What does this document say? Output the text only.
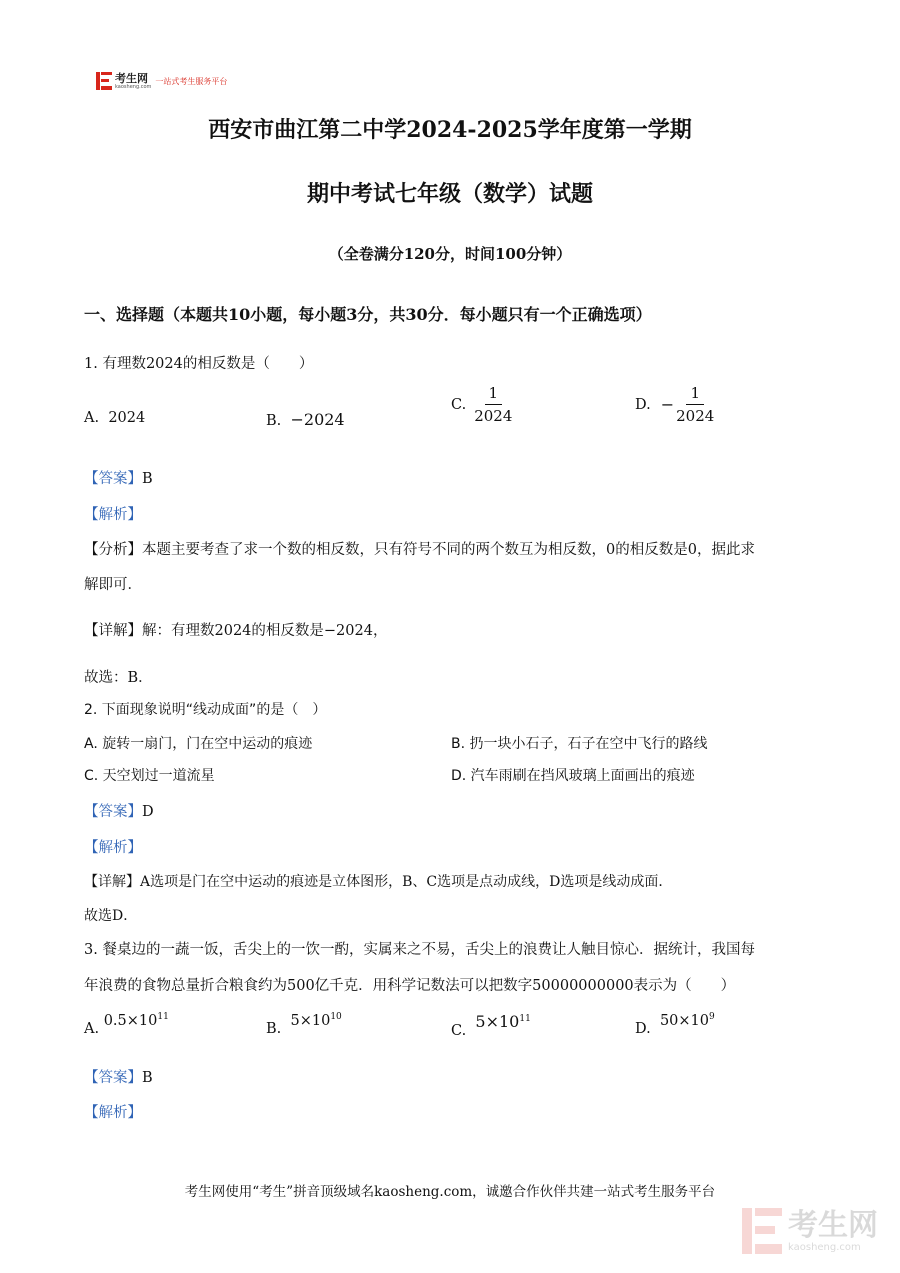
考生网
kaosheng.com
一站式考生服务平台
西安市曲江第二中学2024-2025学年度第一学期
期中考试七年级（数学）试题
（全卷满分120分，时间100分钟）
一、选择题（本题共10小题，每小题3分，共30分．每小题只有一个正确选项）
1. 有理数2024的相反数是（　　）
A. 2024	B. −2024
C. $\frac{1}{2024}$	D. − $\frac{1}{2024}$
【答案】B
【解析】
【分析】本题主要考查了求一个数的相反数，只有符号不同的两个数互为相反数，0的相反数是0，据此求
解即可．
【详解】解：有理数2024的相反数是−2024，
故选：B．
2. 下面现象说明“线动成面”的是（　）
A. 旋转一扇门，门在空中运动的痕迹	B. 扔一块小石子，石子在空中飞行的路线
C. 天空划过一道流星	D. 汽车雨刷在挡风玻璃上面画出的痕迹
【答案】D
【解析】
【详解】A选项是门在空中运动的痕迹是立体图形，B、C选项是点动成线，D选项是线动成面．
故选D．
3. 餐桌边的一蔬一饭，舌尖上的一饮一酌，实属来之不易，舌尖上的浪费让人触目惊心．据统计，我国每
年浪费的食物总量折合粮食约为500亿千克．用科学记数法可以把数字50000000000表示为（　　）
A. $0.5\times 10^{11}$
B. $5\times 10^{10}$
C. $5\times 10^{11}$
D. $50\times 10^9$
【答案】B
【解析】
考生网使用“考生”拼音顶级域名kaosheng.com，诚邀合作伙伴共建一站式考生服务平台
考生网
kaosheng.com
